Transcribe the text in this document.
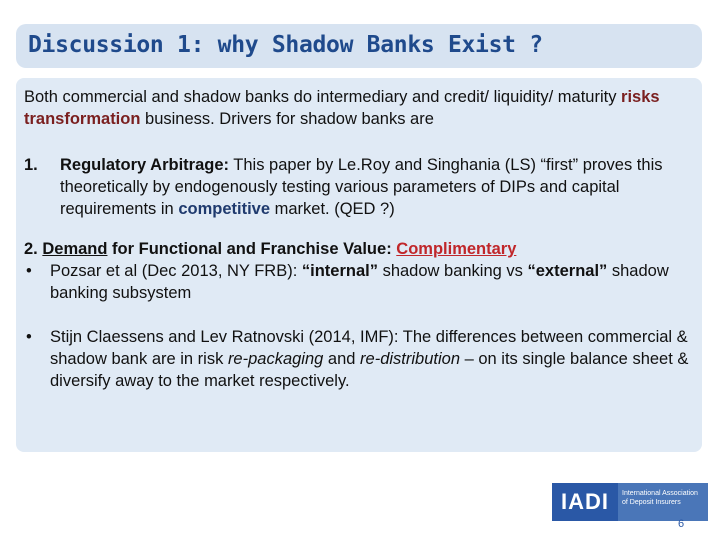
Discussion 1: why Shadow Banks Exist ?

Both commercial and shadow banks do intermediary and credit/ liquidity/ maturity risks transformation business. Drivers for shadow banks are

1.	Regulatory Arbitrage: This paper by Le.Roy and Singhania (LS) “first” proves this theoretically by endogenously testing various parameters of DIPs and capital requirements in competitive market. (QED ?)
2. Demand for Functional and Franchise Value: Complimentary
•	Pozsar et al (Dec 2013, NY FRB): “internal” shadow banking vs “external” shadow banking subsystem
•	Stijn Claessens and Lev Ratnovski (2014, IMF): The differences between commercial & shadow bank are in risk re-packaging and re-distribution – on its single balance sheet & diversify away to the market respectively.
IADI	International Association of Deposit Insurers
6
